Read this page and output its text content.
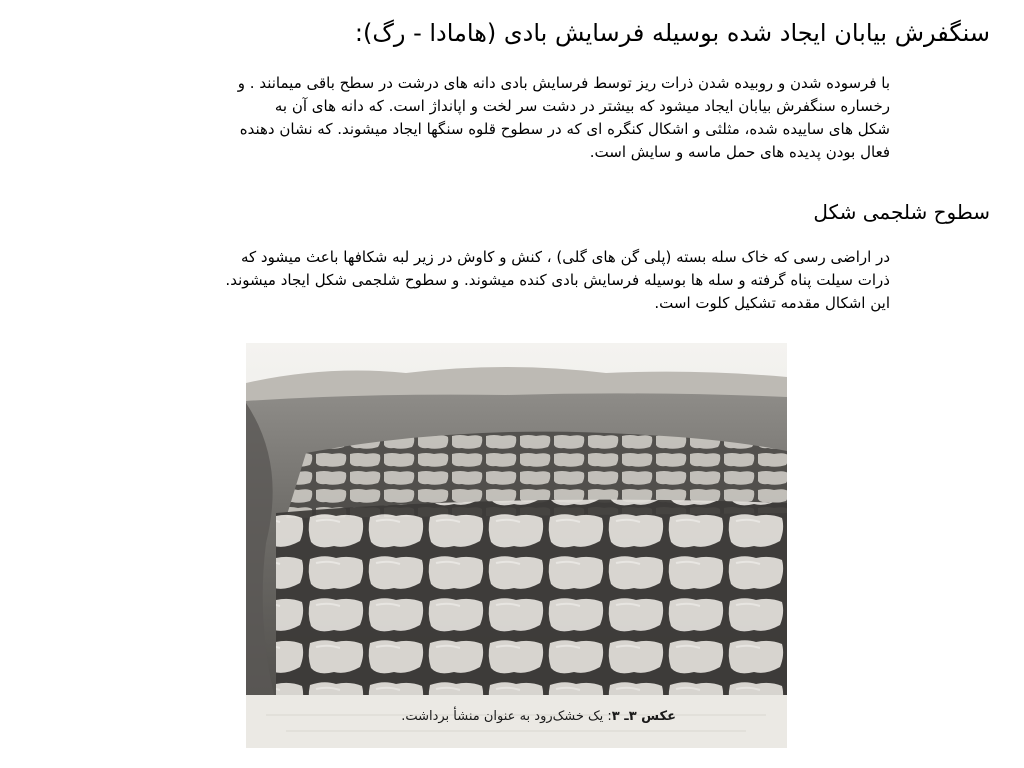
سنگفرش بیابان ایجاد شده بوسیله فرسایش بادی (هامادا - رگ):

با فرسوده شدن و روبیده شدن ذرات ریز توسط فرسایش بادی دانه های درشت در سطح باقی میمانند . و

رخساره سنگفرش بیابان ایجاد میشود که بیشتر در دشت سر لخت و اپانداژ است. که دانه های آن به

شکل های ساییده شده، مثلثی و اشکال کنگره ای که در سطوح قلوه سنگها ایجاد میشوند. که نشان دهنده

فعال بودن پدیده های حمل ماسه و سایش است.

سطوح شلجمی شکل

در اراضی رسی که خاک سله بسته (پلی گن های گلی) ، کنش و کاوش در زیر لبه شکافها باعث میشود که

ذرات سیلت پناه گرفته و سله ها بوسیله فرسایش بادی کنده میشوند. و سطوح شلجمی شکل ایجاد میشوند.

این اشکال مقدمه تشکیل کلوت است.

عکس ۳ـ ۳: یک خشک‌رود به عنوان منشأ برداشت.
